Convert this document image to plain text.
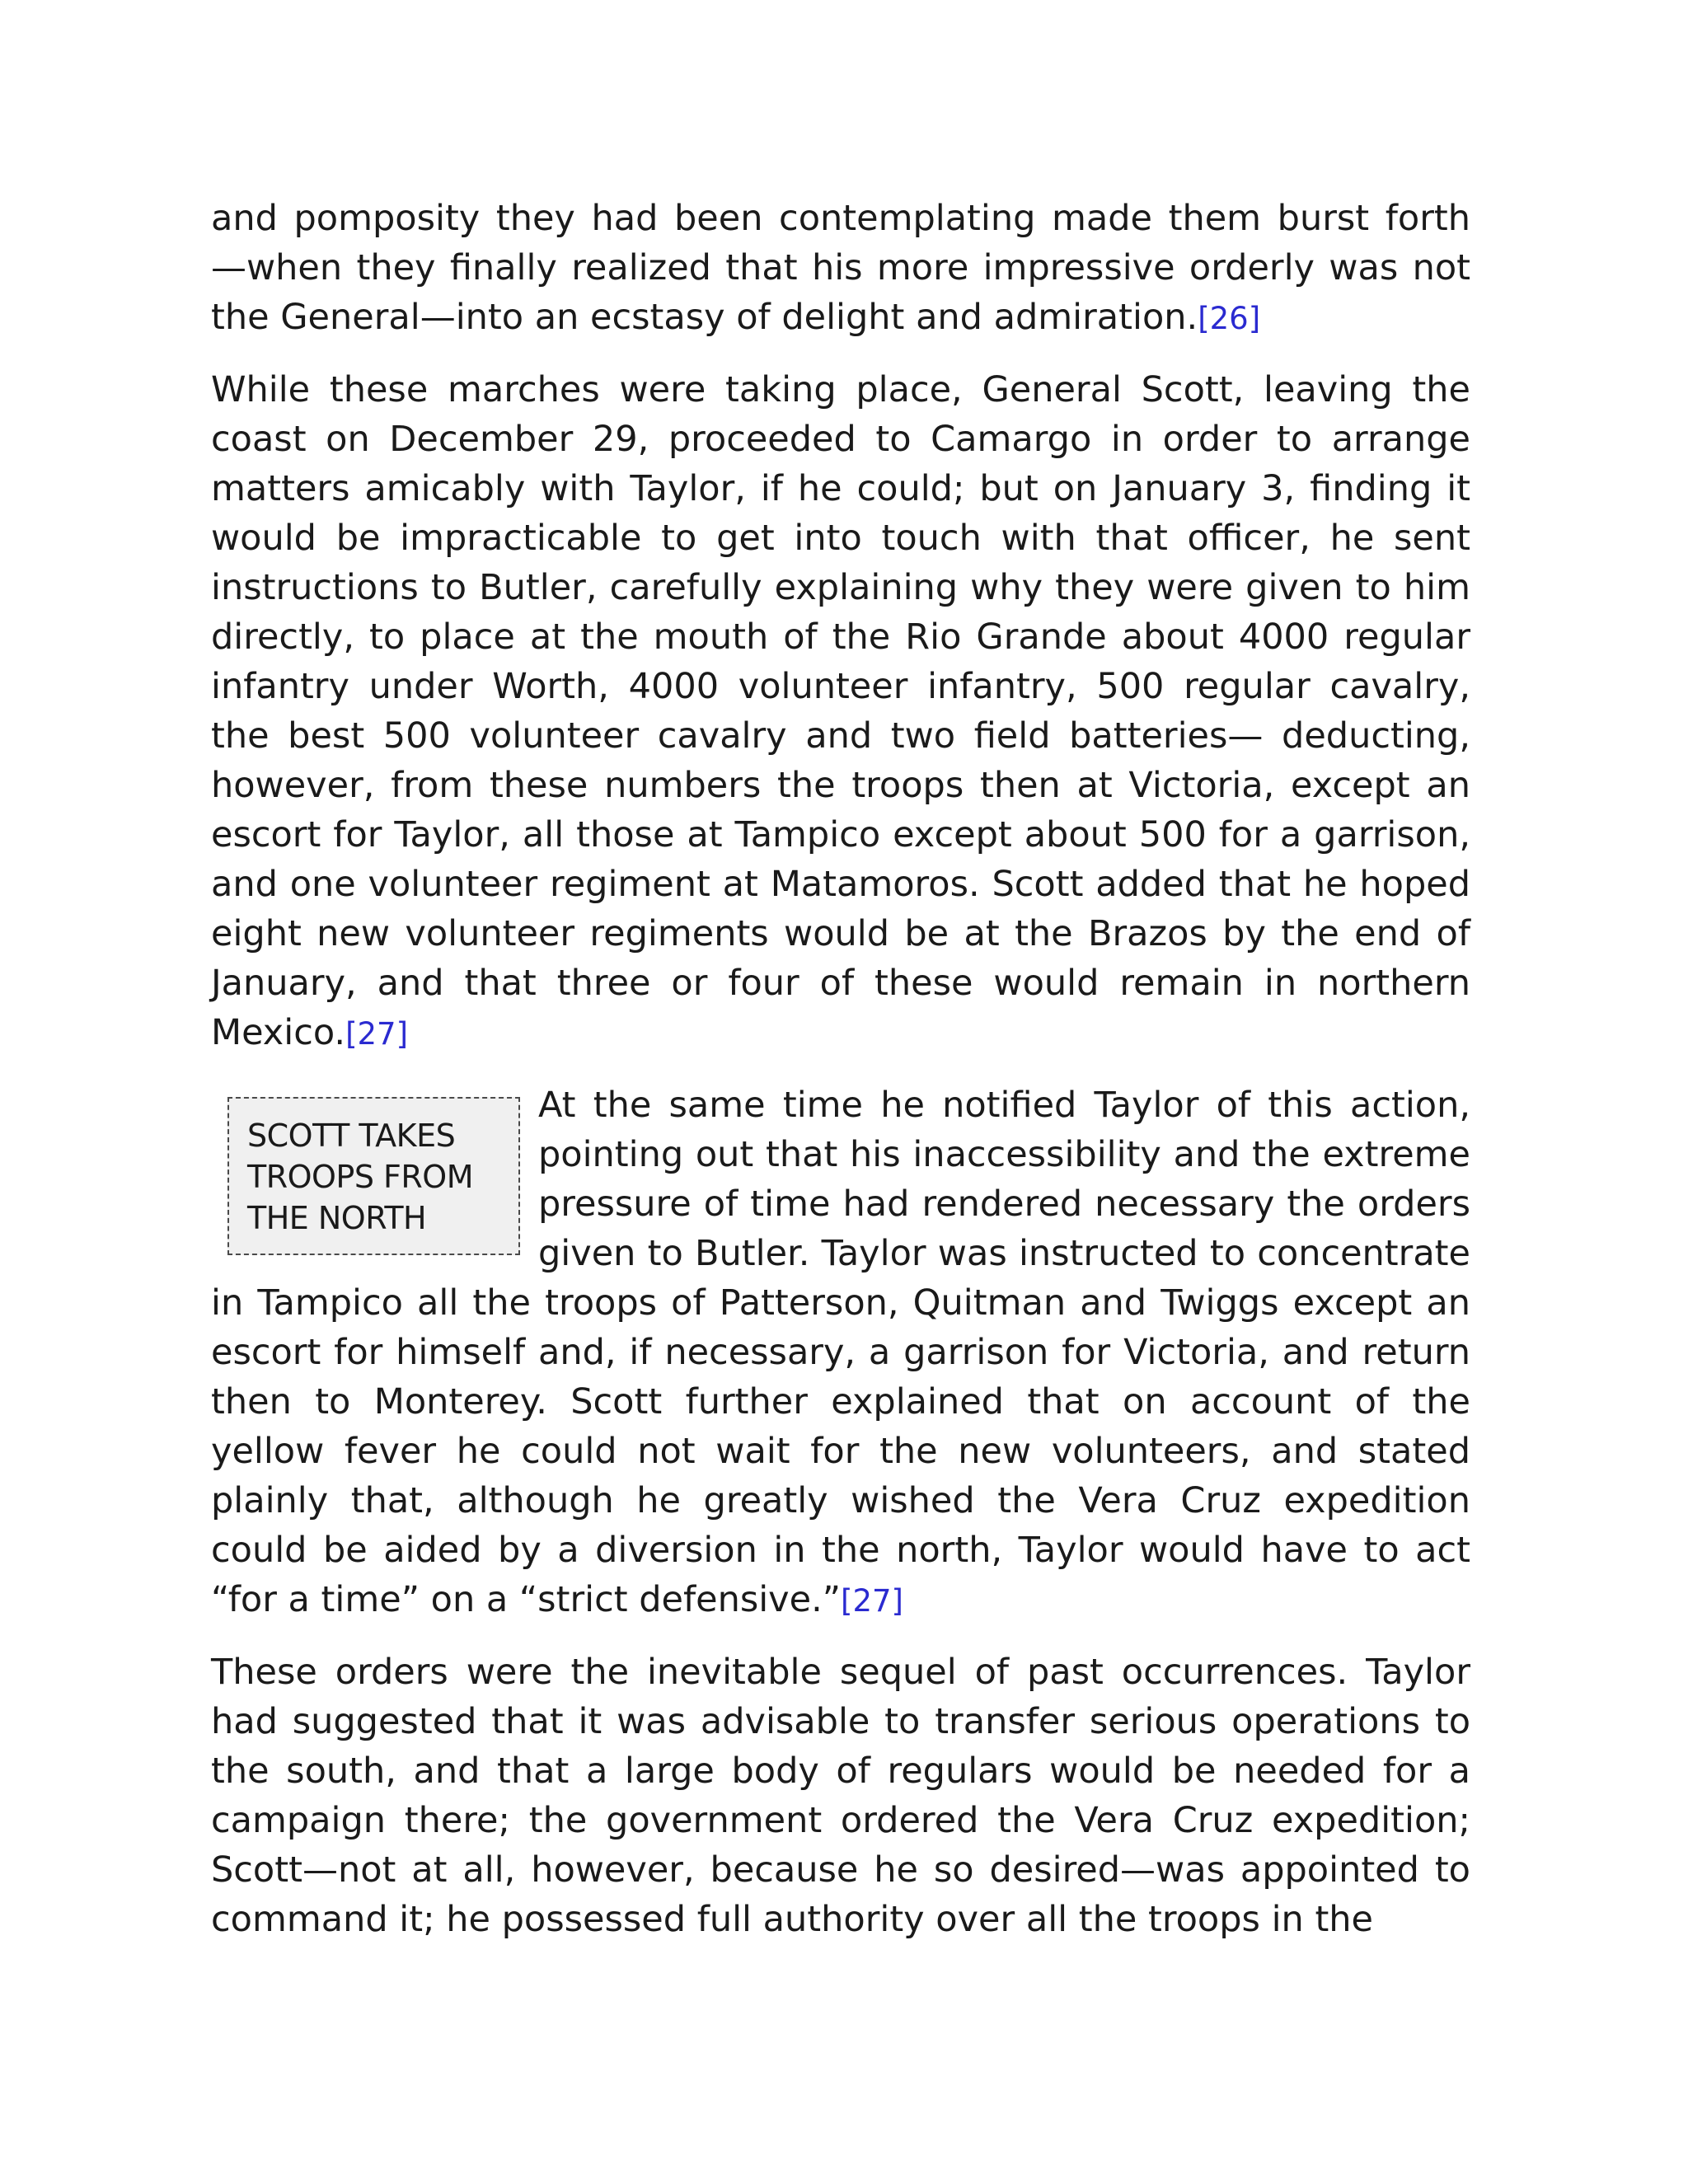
and pomposity they had been contemplating made them burst forth —when they finally realized that his more impressive orderly was not the General—into an ecstasy of delight and admiration.[26]

While these marches were taking place, General Scott, leaving the coast on December 29, proceeded to Camargo in order to arrange matters amicably with Taylor, if he could; but on January 3, finding it would be impracticable to get into touch with that officer, he sent instructions to Butler, carefully explaining why they were given to him directly, to place at the mouth of the Rio Grande about 4000 regular infantry under Worth, 4000 volunteer infantry, 500 regular cavalry, the best 500 volunteer cavalry and two field batteries— deducting, however, from these numbers the troops then at Victoria, except an escort for Taylor, all those at Tampico except about 500 for a garrison, and one volunteer regiment at Matamoros. Scott added that he hoped eight new volunteer regiments would be at the Brazos by the end of January, and that three or four of these would remain in northern Mexico.[27]

SCOTT TAKES
TROOPS FROM
THE NORTH

At the same time he notified Taylor of this action, pointing out that his inaccessibility and the extreme pressure of time had rendered necessary the orders given to Butler. Taylor was instructed to concentrate in Tampico all the troops of Patterson, Quitman and Twiggs except an escort for himself and, if necessary, a garrison for Victoria, and return then to Monterey. Scott further explained that on account of the yellow fever he could not wait for the new volunteers, and stated plainly that, although he greatly wished the Vera Cruz expedition could be aided by a diversion in the north, Taylor would have to act “for a time” on a “strict defensive.”[27]

These orders were the inevitable sequel of past occurrences. Taylor had suggested that it was advisable to transfer serious operations to the south, and that a large body of regulars would be needed for a campaign there; the government ordered the Vera Cruz expedition; Scott—not at all, however, because he so desired—was appointed to command it; he possessed full authority over all the troops in the
